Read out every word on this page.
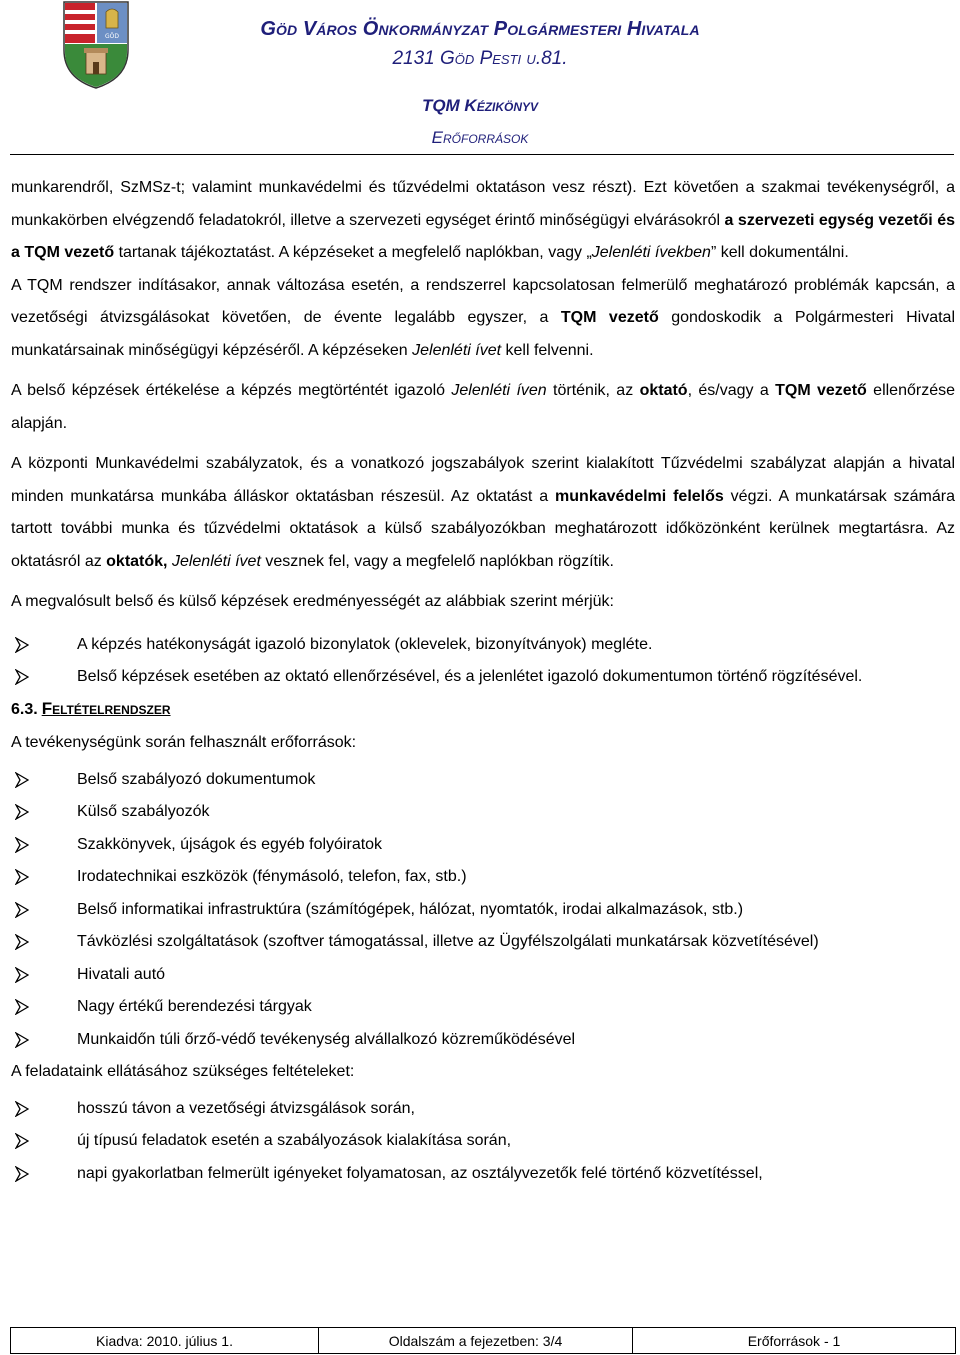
GÖD	Göd Város Önkormányzat Polgármesteri Hivatala
2131 Göd Pesti u.81.
TQM Kézikönyv
Erőforrások

munkarendről, SzMSz-t; valamint munkavédelmi és tűzvédelmi oktatáson vesz részt). Ezt követően a szakmai tevékenységről, a munkakörben elvégzendő feladatokról, illetve a szervezeti egységet érintő minőségügyi elvárásokról a szervezeti egység vezetői és a TQM vezető tartanak tájékoztatást. A képzéseket a megfelelő naplókban, vagy „Jelenléti ívekben” kell dokumentálni.

A TQM rendszer indításakor, annak változása esetén, a rendszerrel kapcsolatosan felmerülő meghatározó problémák kapcsán, a vezetőségi átvizsgálásokat követően, de évente legalább egyszer, a TQM vezető gondoskodik a Polgármesteri Hivatal munkatársainak minőségügyi képzéséről. A képzéseken Jelenléti ívet kell felvenni.

A belső képzések értékelése a képzés megtörténtét igazoló Jelenléti íven történik, az oktató, és/vagy a TQM vezető ellenőrzése alapján.

A központi Munkavédelmi szabályzatok, és a vonatkozó jogszabályok szerint kialakított Tűzvédelmi szabályzat alapján a hivatal minden munkatársa munkába álláskor oktatásban részesül. Az oktatást a munkavédelmi felelős végzi. A munkatársak számára tartott további munka és tűzvédelmi oktatások a külső szabályozókban meghatározott időközönként kerülnek megtartásra. Az oktatásról az oktatók, Jelenléti ívet vesznek fel, vagy a megfelelő naplókban rögzítik.

A megvalósult belső és külső képzések eredményességét az alábbiak szerint mérjük:

A képzés hatékonyságát igazoló bizonylatok (oklevelek, bizonyítványok) megléte.
Belső képzések esetében az oktató ellenőrzésével, és a jelenlétet igazoló dokumentumon történő rögzítésével.
6.3. Feltételrendszer

A tevékenységünk során felhasznált erőforrások:

Belső szabályozó dokumentumok
Külső szabályozók
Szakkönyvek, újságok és egyéb folyóiratok
Irodatechnikai eszközök (fénymásoló, telefon, fax, stb.)
Belső informatikai infrastruktúra (számítógépek, hálózat, nyomtatók, irodai alkalmazások, stb.)
Távközlési szolgáltatások (szoftver támogatással, illetve az Ügyfélszolgálati munkatársak közvetítésével)
Hivatali autó
Nagy értékű berendezési tárgyak
Munkaidőn túli őrző-védő tevékenység alvállalkozó közreműködésével

A feladataink ellátásához szükséges feltételeket:

hosszú távon a vezetőségi átvizsgálások során,
új típusú feladatok esetén a szabályozások kialakítása során,
napi gyakorlatban felmerült igényeket folyamatosan, az osztályvezetők felé történő közvetítéssel,
Kiadva: 2010. július 1.	Oldalszám a fejezetben: 3/4	Erőforrások - 1
